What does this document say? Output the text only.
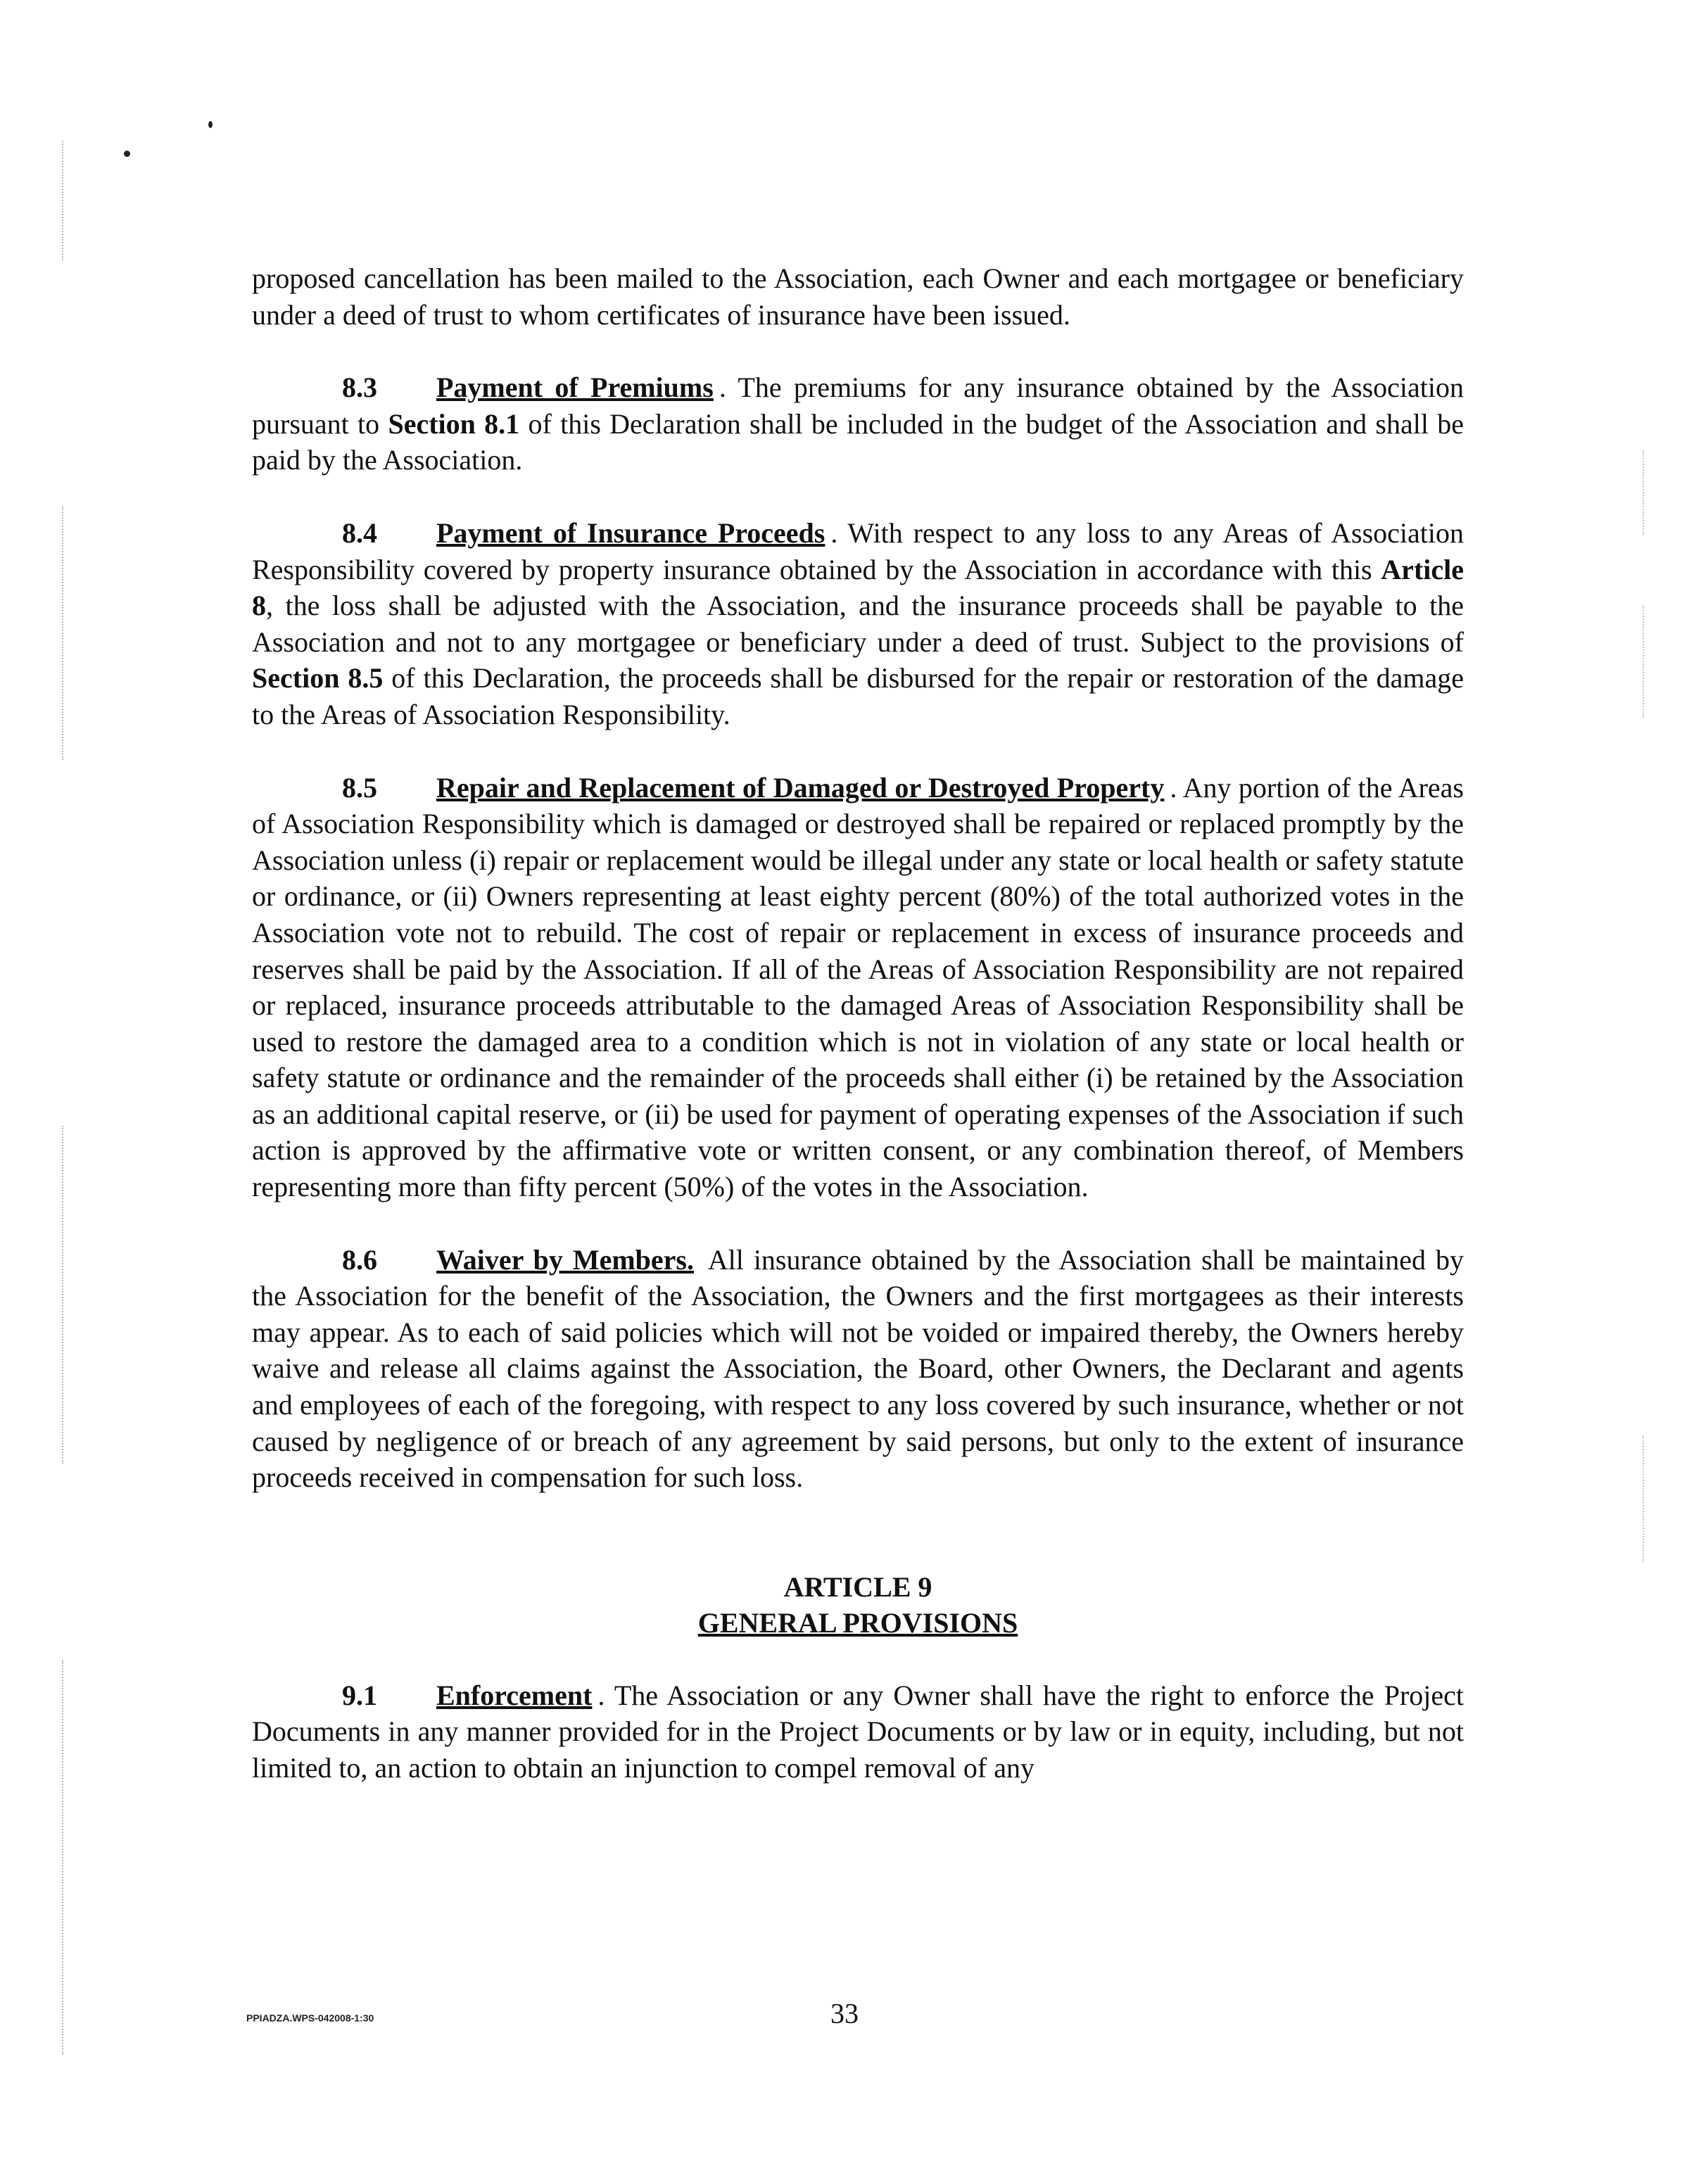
proposed cancellation has been mailed to the Association, each Owner and each mortgagee or beneficiary under a deed of trust to whom certificates of insurance have been issued.

8.3 Payment of Premiums . The premiums for any insurance obtained by the Association pursuant to Section 8.1 of this Declaration shall be included in the budget of the Association and shall be paid by the Association.

8.4 Payment of Insurance Proceeds . With respect to any loss to any Areas of Association Responsibility covered by property insurance obtained by the Association in accordance with this Article 8, the loss shall be adjusted with the Association, and the insurance proceeds shall be payable to the Association and not to any mortgagee or beneficiary under a deed of trust. Subject to the provisions of Section 8.5 of this Declaration, the proceeds shall be disbursed for the repair or restoration of the damage to the Areas of Association Responsibility.

8.5 Repair and Replacement of Damaged or Destroyed Property . Any portion of the Areas of Association Responsibility which is damaged or destroyed shall be repaired or replaced promptly by the Association unless (i) repair or replacement would be illegal under any state or local health or safety statute or ordinance, or (ii) Owners representing at least eighty percent (80%) of the total authorized votes in the Association vote not to rebuild. The cost of repair or replacement in excess of insurance proceeds and reserves shall be paid by the Association. If all of the Areas of Association Responsibility are not repaired or replaced, insurance proceeds attributable to the damaged Areas of Association Responsibility shall be used to restore the damaged area to a condition which is not in violation of any state or local health or safety statute or ordinance and the remainder of the proceeds shall either (i) be retained by the Association as an additional capital reserve, or (ii) be used for payment of operating expenses of the Association if such action is approved by the affirmative vote or written consent, or any combination thereof, of Members representing more than fifty percent (50%) of the votes in the Association.

8.6 Waiver by Members. All insurance obtained by the Association shall be maintained by the Association for the benefit of the Association, the Owners and the first mortgagees as their interests may appear. As to each of said policies which will not be voided or impaired thereby, the Owners hereby waive and release all claims against the Association, the Board, other Owners, the Declarant and agents and employees of each of the foregoing, with respect to any loss covered by such insurance, whether or not caused by negligence of or breach of any agreement by said persons, but only to the extent of insurance proceeds received in compensation for such loss.

ARTICLE 9
GENERAL PROVISIONS

9.1 Enforcement . The Association or any Owner shall have the right to enforce the Project Documents in any manner provided for in the Project Documents or by law or in equity, including, but not limited to, an action to obtain an injunction to compel removal of any

PPIADZA.WPS-042008-1:30	33
